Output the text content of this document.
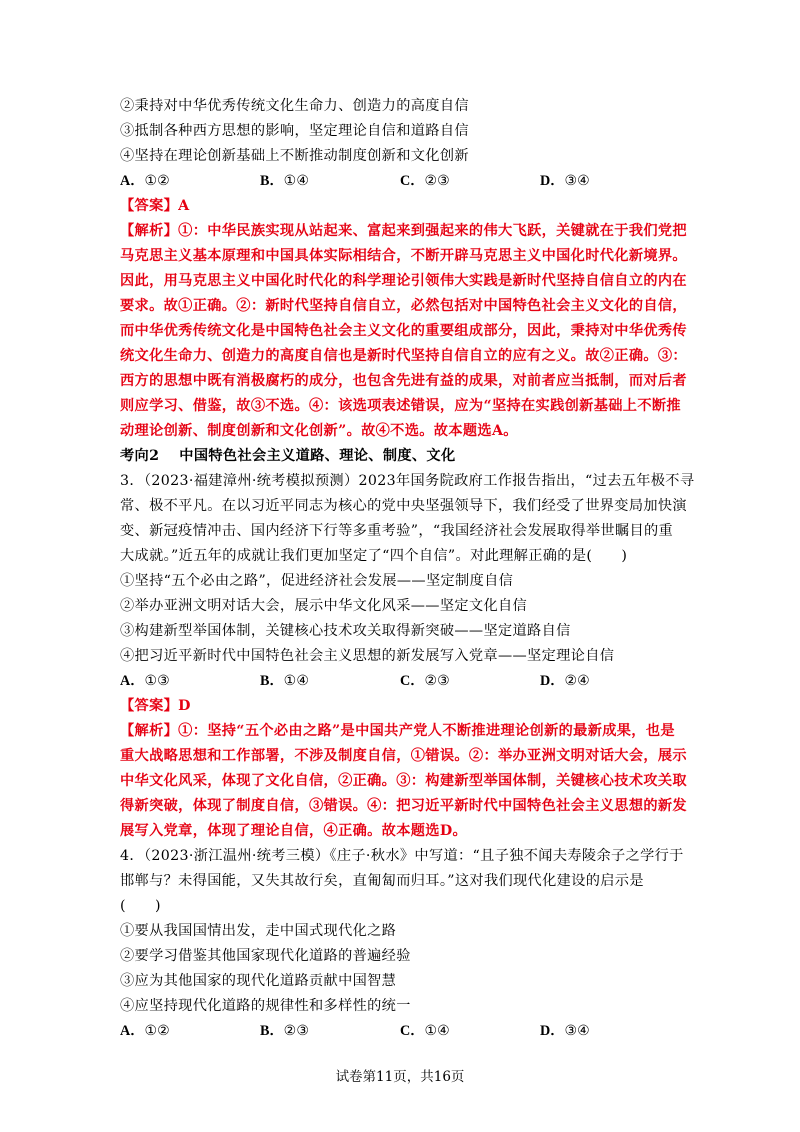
②秉持对中华优秀传统文化生命力、创造力的高度自信
③抵制各种西方思想的影响，坚定理论自信和道路自信
④坚持在理论创新基础上不断推动制度创新和文化创新
A．①②	B．①④	C．②③	D．③④
【答案】A
【解析】①：中华民族实现从站起来、富起来到强起来的伟大飞跃，关键就在于我们党把
马克思主义基本原理和中国具体实际相结合，不断开辟马克思主义中国化时代化新境界。
因此，用马克思主义中国化时代化的科学理论引领伟大实践是新时代坚持自信自立的内在
要求。故①正确。②：新时代坚持自信自立，必然包括对中国特色社会主义文化的自信，
而中华优秀传统文化是中国特色社会主义文化的重要组成部分，因此，秉持对中华优秀传
统文化生命力、创造力的高度自信也是新时代坚持自信自立的应有之义。故②正确。③：
西方的思想中既有消极腐朽的成分，也包含先进有益的成果，对前者应当抵制，而对后者
则应学习、借鉴，故③不选。④：该选项表述错误，应为“坚持在实践创新基础上不断推
动理论创新、制度创新和文化创新”。故④不选。故本题选A。
考向2 中国特色社会主义道路、理论、制度、文化
3．（2023·福建漳州·统考模拟预测）2023年国务院政府工作报告指出，“过去五年极不寻
常、极不平凡。在以习近平同志为核心的党中央坚强领导下，我们经受了世界变局加快演
变、新冠疫情冲击、国内经济下行等多重考验”，“我国经济社会发展取得举世瞩目的重
大成就。”近五年的成就让我们更加坚定了“四个自信”。对此理解正确的是(　　)
①坚持“五个必由之路”，促进经济社会发展——坚定制度自信
②举办亚洲文明对话大会，展示中华文化风采——坚定文化自信
③构建新型举国体制，关键核心技术攻关取得新突破——坚定道路自信
④把习近平新时代中国特色社会主义思想的新发展写入党章——坚定理论自信
A．①③	B．①④	C．②③	D．②④
【答案】D
【解析】①：坚持“五个必由之路”是中国共产党人不断推进理论创新的最新成果，也是
重大战略思想和工作部署，不涉及制度自信，①错误。②：举办亚洲文明对话大会，展示
中华文化风采，体现了文化自信，②正确。③：构建新型举国体制，关键核心技术攻关取
得新突破，体现了制度自信，③错误。④：把习近平新时代中国特色社会主义思想的新发
展写入党章，体现了理论自信，④正确。故本题选D。
4．（2023·浙江温州·统考三模）《庄子·秋水》中写道：“且子独不闻夫寿陵余子之学行于
邯郸与？未得国能，又失其故行矣，直匍匐而归耳。”这对我们现代化建设的启示是
(　　)
①要从我国国情出发，走中国式现代化之路
②要学习借鉴其他国家现代化道路的普遍经验
③应为其他国家的现代化道路贡献中国智慧
④应坚持现代化道路的规律性和多样性的统一
A．①②	B．②③	C．①④	D．③④
试卷第11页，共16页
